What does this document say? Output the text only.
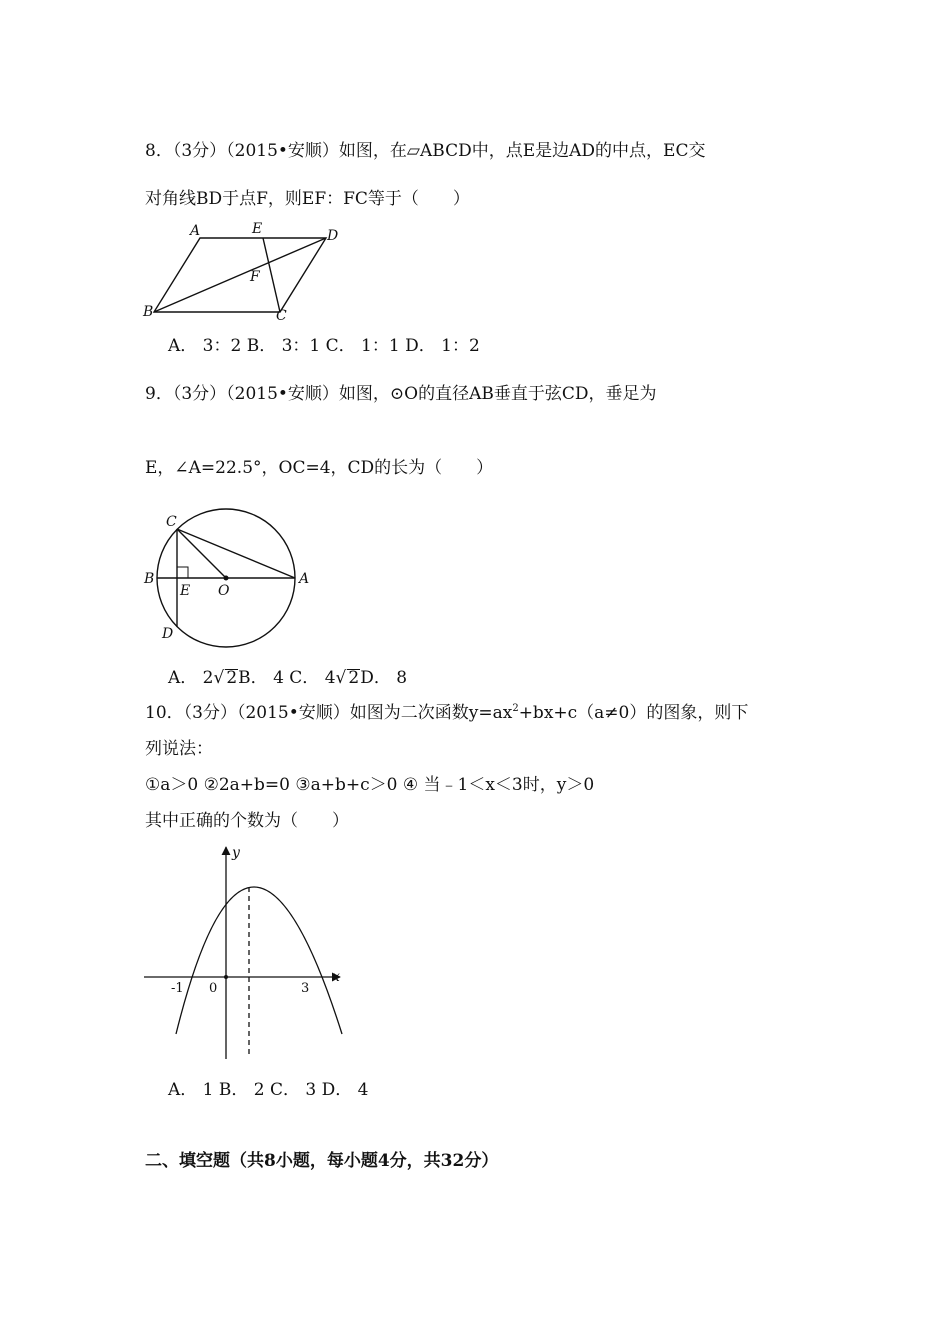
8．（3分）（2015•安顺）如图，在▱ABCD中，点E是边AD的中点，EC交
对角线BD于点F，则EF：FC等于（　　）
A	E	D
F
B	C
A． 3：2 B． 3：1 C． 1：1 D． 1：2
9．（3分）（2015•安顺）如图，⊙O的直径AB垂直于弦CD，垂足为
E，∠A=22.5°，OC=4，CD的长为（　　）
C
B
E O
A
D
A． 2√ 2B． 4 C． 4√ 2D． 8
10．（3分）（2015•安顺）如图为二次函数$y=ax^2+bx+c(a\ne 0)$的图象，则下
列说法：
①a＞0 ②2a+b=0 ③a+b+c＞0 ④ 当﹣1＜x＜3时，y＞0
其中正确的个数为（　　）
y
x
-1 0	3
A． 1 B． 2 C． 3 D． 4
二、填空题（共8小题，每小题4分，共32分）
